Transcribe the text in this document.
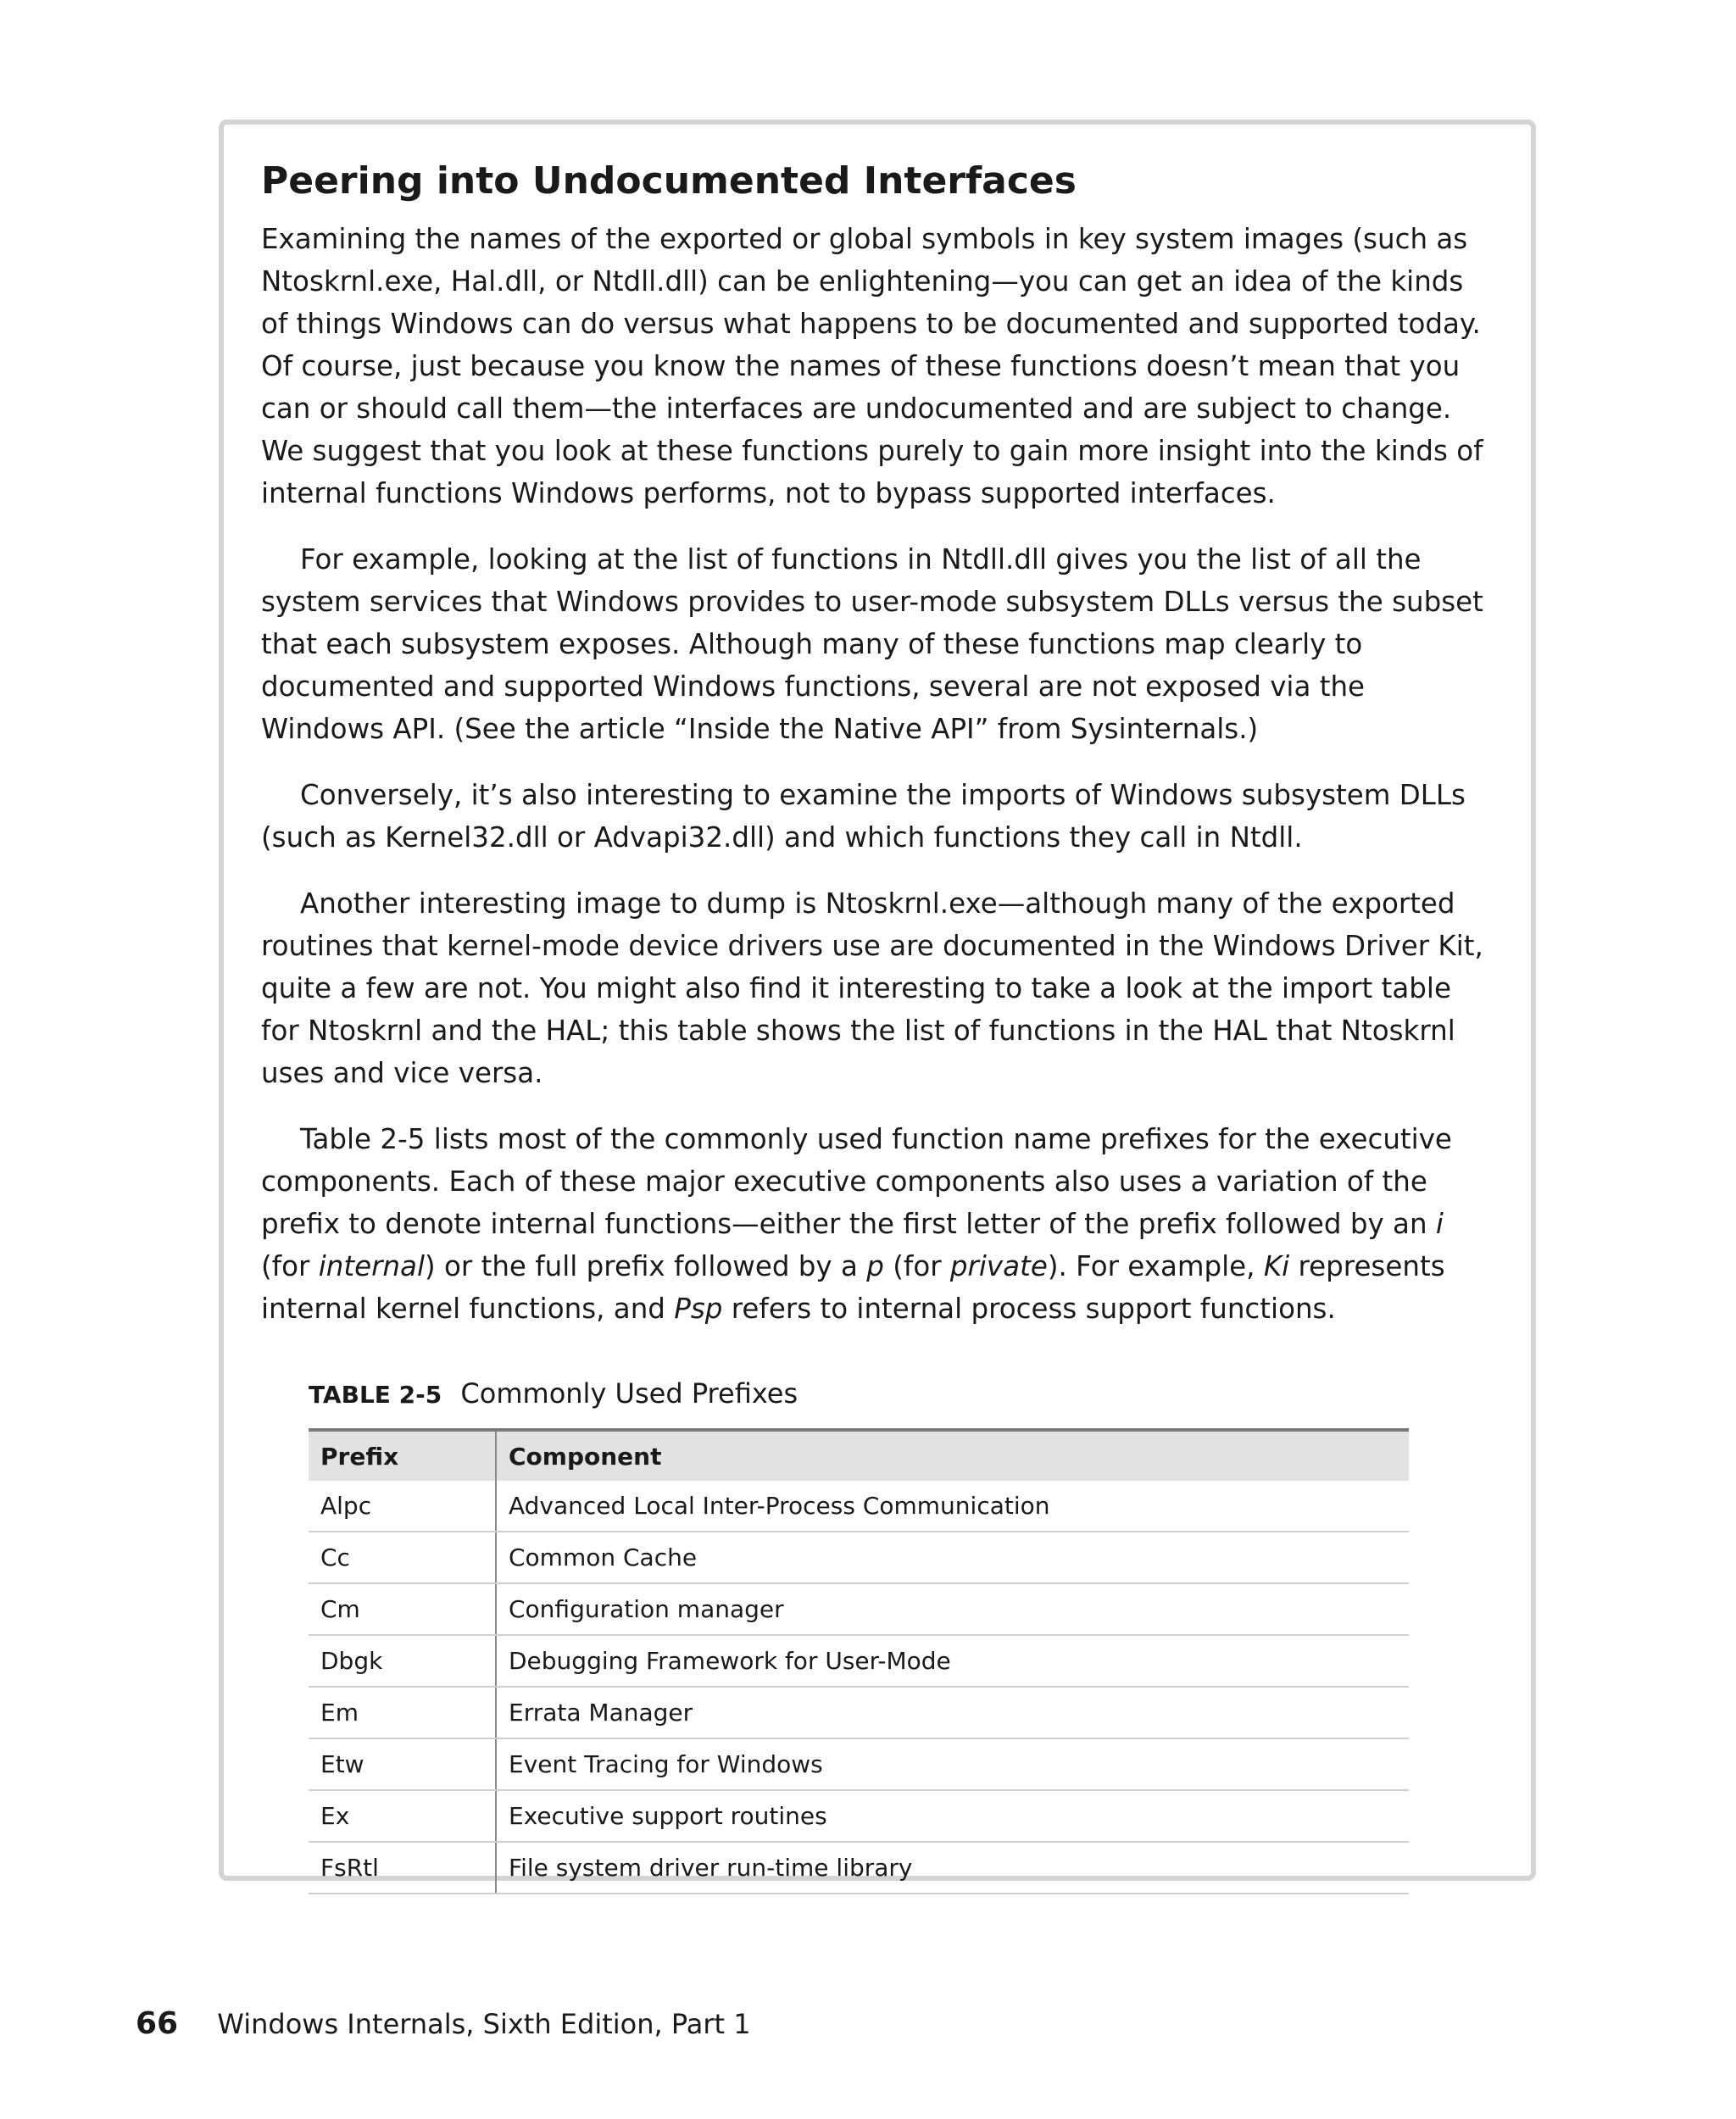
Peering into Undocumented Interfaces

Examining the names of the exported or global symbols in key system images (such as Ntoskrnl.exe, Hal.dll, or Ntdll.dll) can be enlightening—you can get an idea of the kinds of things Windows can do versus what happens to be documented and supported today. Of course, just because you know the names of these functions doesn’t mean that you can or should call them—the interfaces are undocumented and are subject to change. We suggest that you look at these functions purely to gain more insight into the kinds of internal functions Windows performs, not to bypass supported interfaces.

For example, looking at the list of functions in Ntdll.dll gives you the list of all the system services that Windows provides to user-mode subsystem DLLs versus the subset that each subsystem exposes. Although many of these functions map clearly to documented and supported Windows functions, several are not exposed via the Windows API. (See the article “Inside the Native API” from Sysinternals.)

Conversely, it’s also interesting to examine the imports of Windows subsystem DLLs (such as Kernel32.dll or Advapi32.dll) and which functions they call in Ntdll.

Another interesting image to dump is Ntoskrnl.exe—although many of the exported routines that kernel-mode device drivers use are documented in the Windows Driver Kit, quite a few are not. You might also find it interesting to take a look at the import table for Ntoskrnl and the HAL; this table shows the list of functions in the HAL that Ntoskrnl uses and vice versa.

Table 2-5 lists most of the commonly used function name prefixes for the executive components. Each of these major executive components also uses a variation of the prefix to denote internal functions—either the first letter of the prefix followed by an i (for internal) or the full prefix followed by a p (for private). For example, Ki represents internal kernel functions, and Psp refers to internal process support functions.

TABLE 2-5 Commonly Used Prefixes
Prefix	Component
Alpc	Advanced Local Inter-Process Communication
Cc	Common Cache
Cm	Configuration manager
Dbgk	Debugging Framework for User-Mode
Em	Errata Manager
Etw	Event Tracing for Windows
Ex	Executive support routines
FsRtl	File system driver run-time library
66 Windows Internals, Sixth Edition, Part 1
